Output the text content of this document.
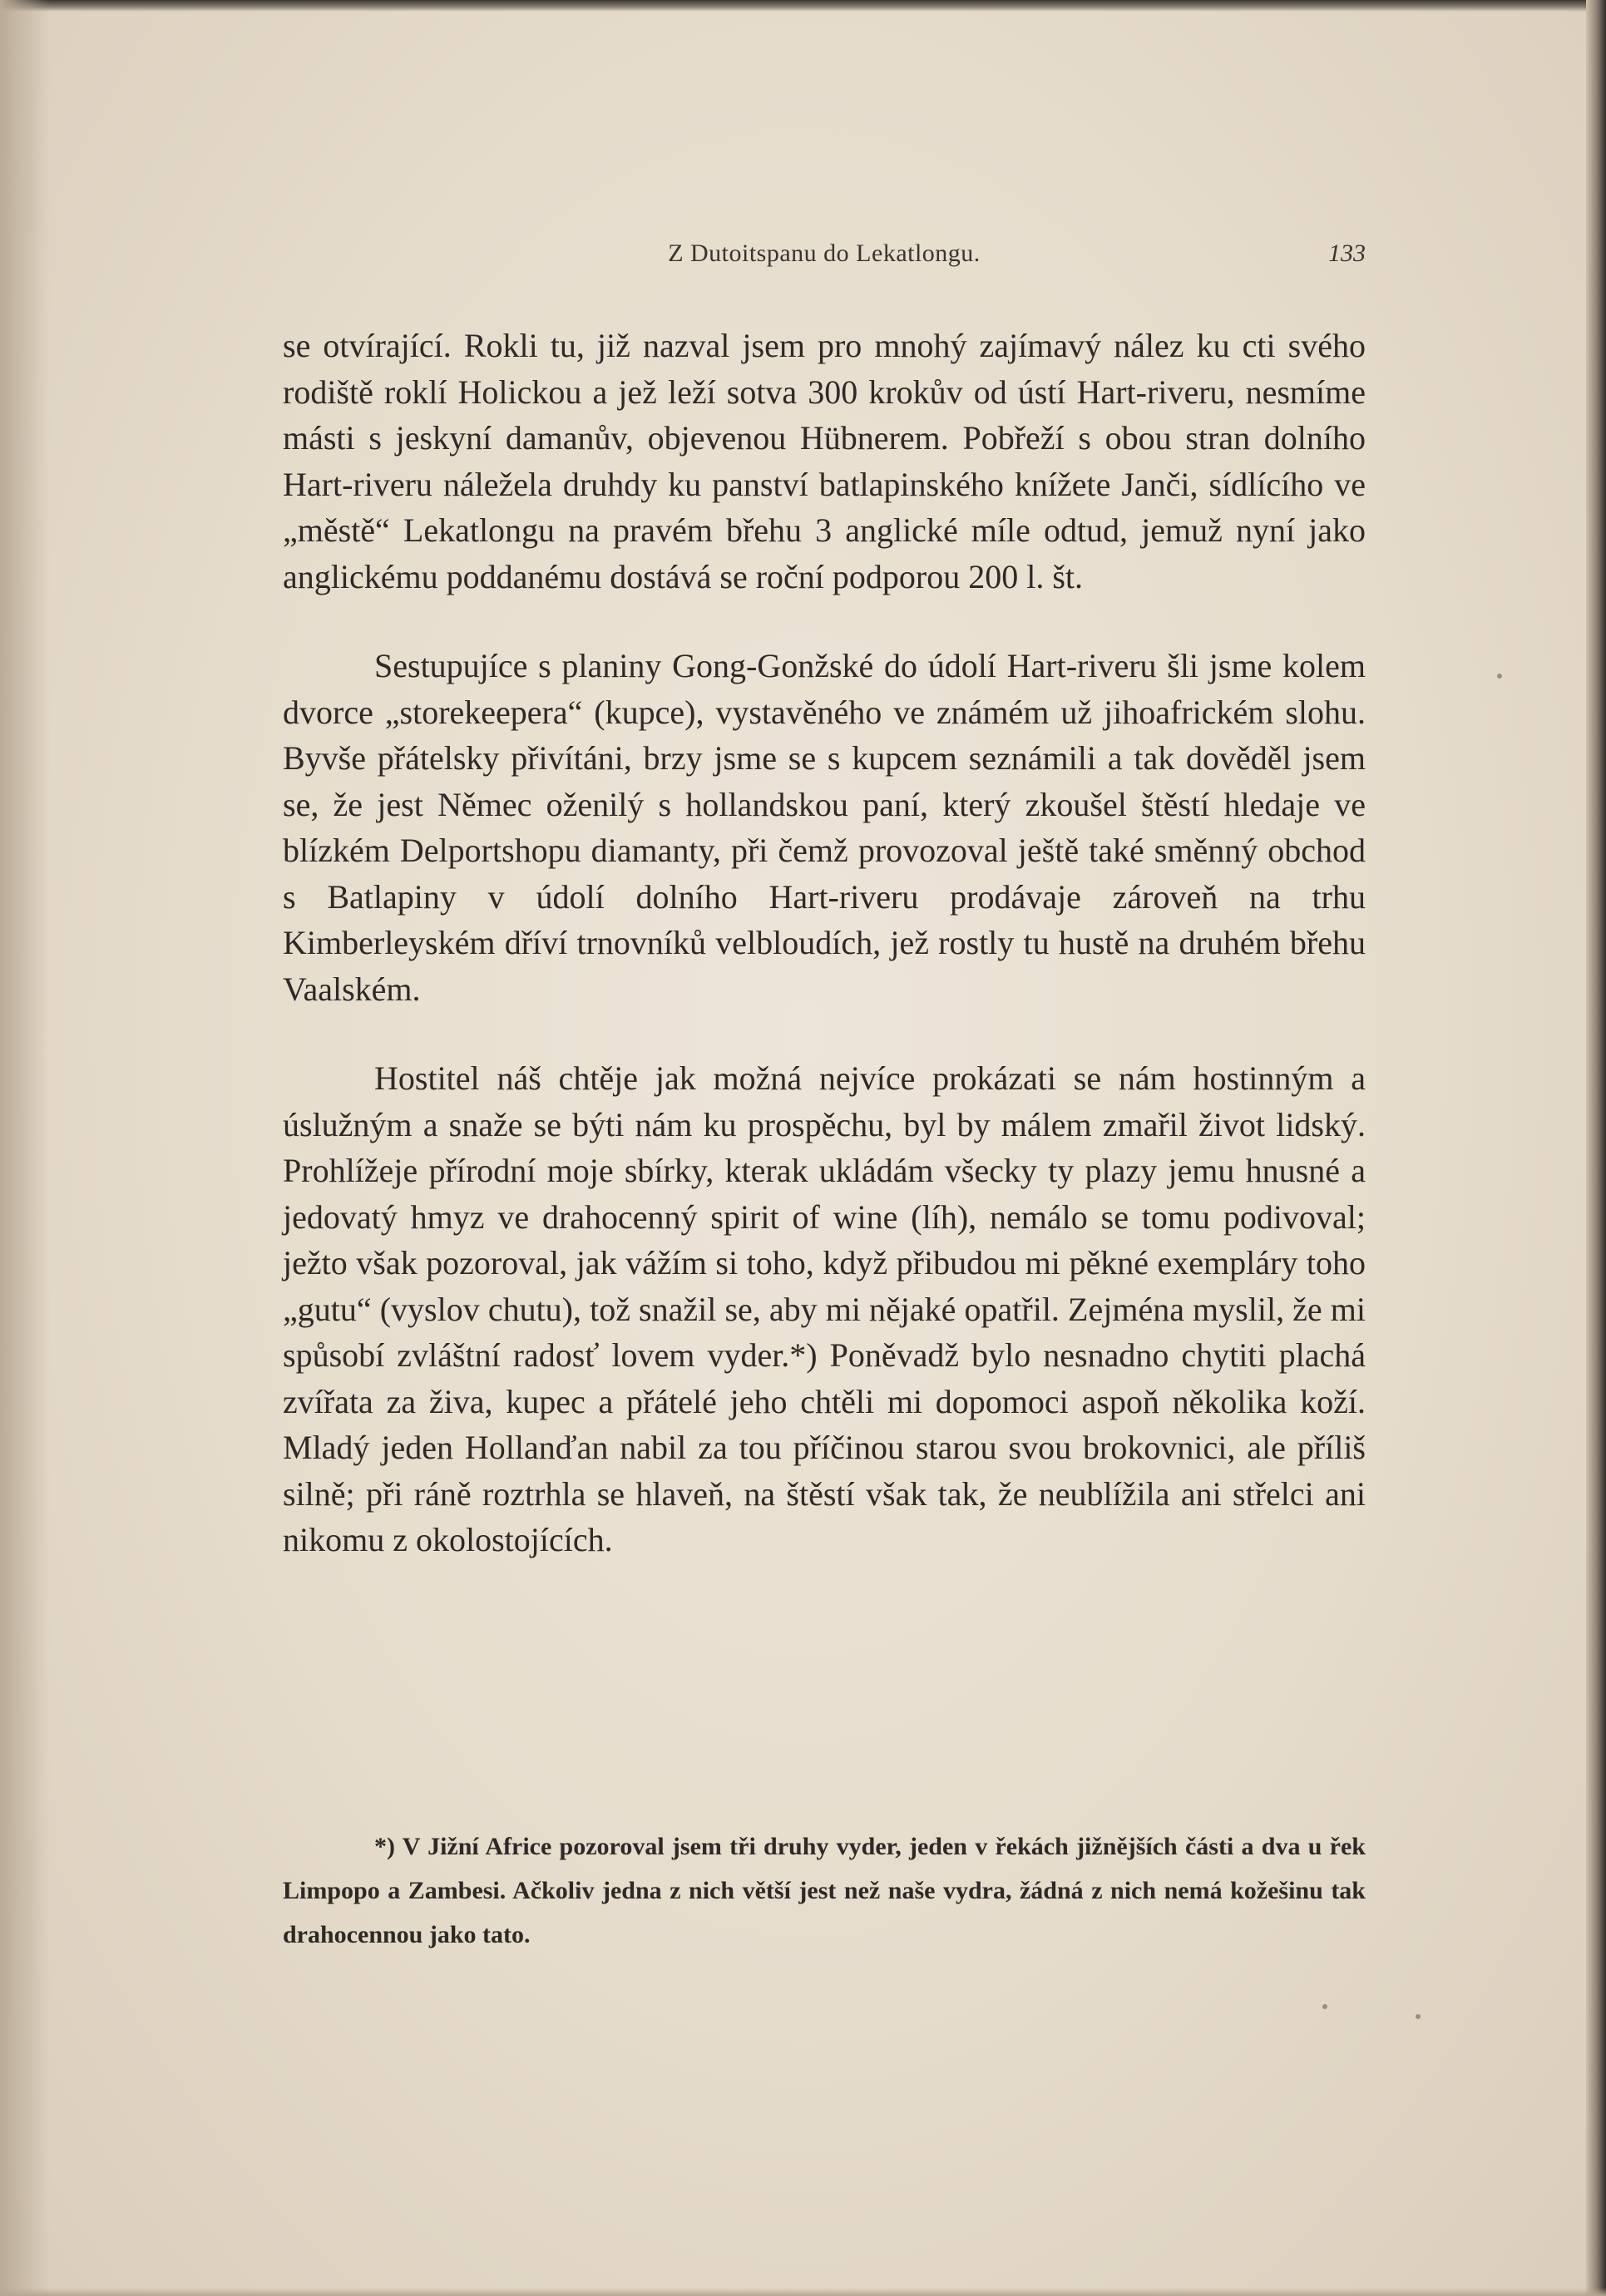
Z Dutoitspanu do Lekatlongu.	133

se otvírající. Rokli tu, již nazval jsem pro mnohý zajímavý nález ku cti svého rodiště roklí Holickou a jež leží sotva 300 krokův od ústí Hart-riveru, nesmíme másti s jeskyní damanův, objevenou Hübnerem. Pobřeží s obou stran dolního Hart-riveru náležela druhdy ku panství batlapinského knížete Janči, sídlícího ve „městě“ Lekatlongu na pravém břehu 3 anglické míle odtud, jemuž nyní jako anglickému poddanému dostává se roční podporou 200 l. št.

Sestupujíce s planiny Gong-Gonžské do údolí Hart-riveru šli jsme kolem dvorce „storekeepera“ (kupce), vystavěného ve známém už jihoafrickém slohu. Byvše přátelsky přivítáni, brzy jsme se s kupcem seznámili a tak dověděl jsem se, že jest Němec oženilý s hollandskou paní, který zkoušel štěstí hledaje ve blízkém Delportshopu diamanty, při čemž provozoval ještě také směnný obchod s Batlapiny v údolí dolního Hart-riveru prodávaje zároveň na trhu Kimberleyském dříví trnovníků velbloudích, jež rostly tu hustě na druhém břehu Vaalském.

Hostitel náš chtěje jak možná nejvíce prokázati se nám hostinným a úslužným a snaže se býti nám ku prospěchu, byl by málem zmařil život lidský. Prohlížeje přírodní moje sbírky, kterak ukládám všecky ty plazy jemu hnusné a jedovatý hmyz ve drahocenný spirit of wine (líh), nemálo se tomu podivoval; ježto však pozoroval, jak vážím si toho, když přibudou mi pěkné exempláry toho „gutu“ (vyslov chutu), tož snažil se, aby mi nějaké opatřil. Zejména myslil, že mi spůsobí zvláštní radosť lovem vyder.*) Poněvadž bylo nesnadno chytiti plachá zvířata za živa, kupec a přátelé jeho chtěli mi dopomoci aspoň několika koží. Mladý jeden Hollanďan nabil za tou příčinou starou svou brokovnici, ale příliš silně; při ráně roztrhla se hlaveň, na štěstí však tak, že neublížila ani střelci ani nikomu z okolostojících.

*) V Jižní Africe pozoroval jsem tři druhy vyder, jeden v řekách jižnějších části a dva u řek Limpopo a Zambesi. Ačkoliv jedna z nich větší jest než naše vydra, žádná z nich nemá kožešinu tak drahocennou jako tato.
